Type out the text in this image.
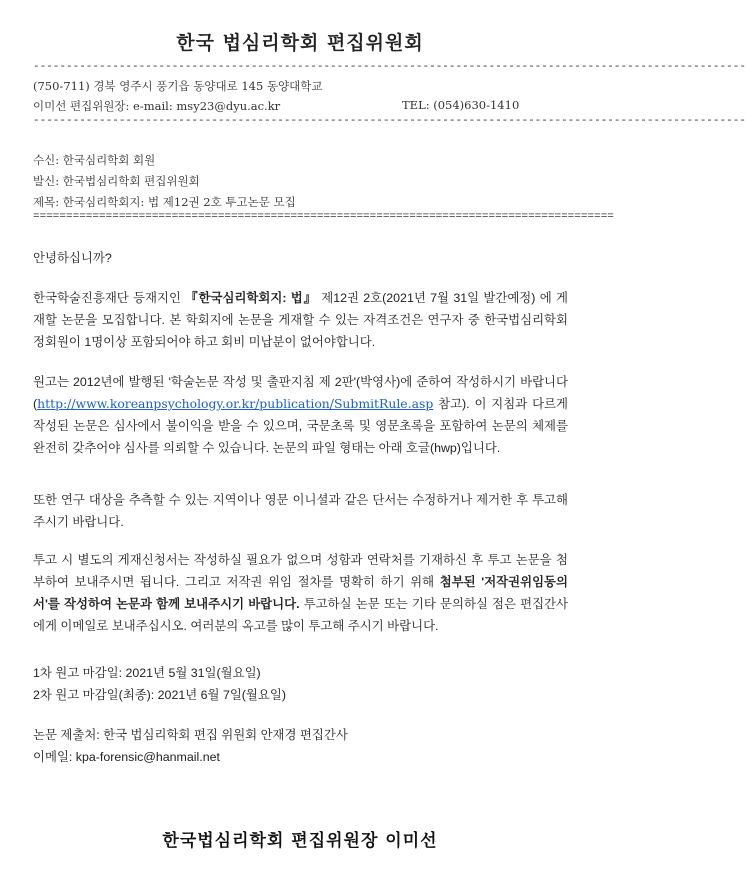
한국 법심리학회 편집위원회
------------------------------------------------------------------------------------------------------------
(750-711) 경북 영주시 풍기읍 동양대로 145 동양대학교
이미선 편집위원장: e-mail: msy23@dyu.ac.kr	TEL: (054)630-1410
------------------------------------------------------------------------------------------------------------
수신: 한국심리학회 회원
발신: 한국법심리학회 편집위원회
제목: 한국심리학회지: 법 제12권 2호 투고논문 모집
========================================================================================

안녕하십니까?

한국학술진흥재단 등재지인 『한국심리학회지: 법』 제12권 2호(2021년 7월 31일 발간예정) 에 게재할 논문을 모집합니다. 본 학회지에 논문을 게재할 수 있는 자격조건은 연구자 중 한국법심리학회 정회원이 1명이상 포함되어야 하고 회비 미납분이 없어야합니다.

원고는 2012년에 발행된 '학술논문 작성 및 출판지침 제 2판'(박영사)에 준하여 작성하시기 바랍니다(http://www.koreanpsychology.or.kr/publication/SubmitRule.asp 참고). 이 지침과 다르게 작성된 논문은 심사에서 불이익을 받을 수 있으며, 국문초록 및 영문초록을 포함하여 논문의 체제를 완전히 갖추어야 심사를 의뢰할 수 있습니다. 논문의 파일 형태는 아래 호글(hwp)입니다.

또한 연구 대상을 추측할 수 있는 지역이나 영문 이니셜과 같은 단서는 수정하거나 제거한 후 투고해주시기 바랍니다.

투고 시 별도의 게재신청서는 작성하실 필요가 없으며 성함과 연락처를 기재하신 후 투고 논문을 첨부하여 보내주시면 됩니다. 그리고 저작권 위임 절차를 명확히 하기 위해 첨부된 '저작권위임동의서'를 작성하여 논문과 함께 보내주시기 바랍니다. 투고하실 논문 또는 기타 문의하실 점은 편집간사에게 이메일로 보내주십시오. 여러분의 옥고를 많이 투고해 주시기 바랍니다.

1차 원고 마감일: 2021년 5월 31일(월요일)

2차 원고 마감일(최종): 2021년 6월 7일(월요일)

논문 제출처: 한국 법심리학회 편집 위원회 안재경 편집간사

이메일: kpa-forensic@hanmail.net

한국법심리학회 편집위원장 이미선
